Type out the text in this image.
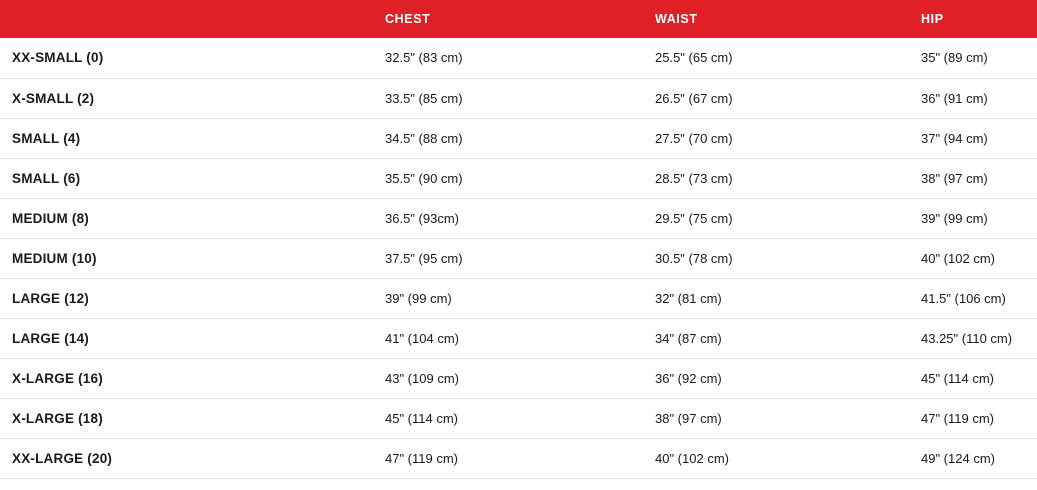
	CHEST	WAIST	HIP
XX-SMALL (0)	32.5" (83 cm)	25.5" (65 cm)	35" (89 cm)
X-SMALL (2)	33.5" (85 cm)	26.5" (67 cm)	36" (91 cm)
SMALL (4)	34.5" (88 cm)	27.5" (70 cm)	37" (94 cm)
SMALL (6)	35.5" (90 cm)	28.5" (73 cm)	38" (97 cm)
MEDIUM (8)	36.5" (93cm)	29.5" (75 cm)	39" (99 cm)
MEDIUM (10)	37.5" (95 cm)	30.5" (78 cm)	40" (102 cm)
LARGE (12)	39" (99 cm)	32" (81 cm)	41.5" (106 cm)
LARGE (14)	41" (104 cm)	34" (87 cm)	43.25" (110 cm)
X-LARGE (16)	43" (109 cm)	36" (92 cm)	45" (114 cm)
X-LARGE (18)	45" (114 cm)	38" (97 cm)	47" (119 cm)
XX-LARGE (20)	47" (119 cm)	40" (102 cm)	49" (124 cm)
